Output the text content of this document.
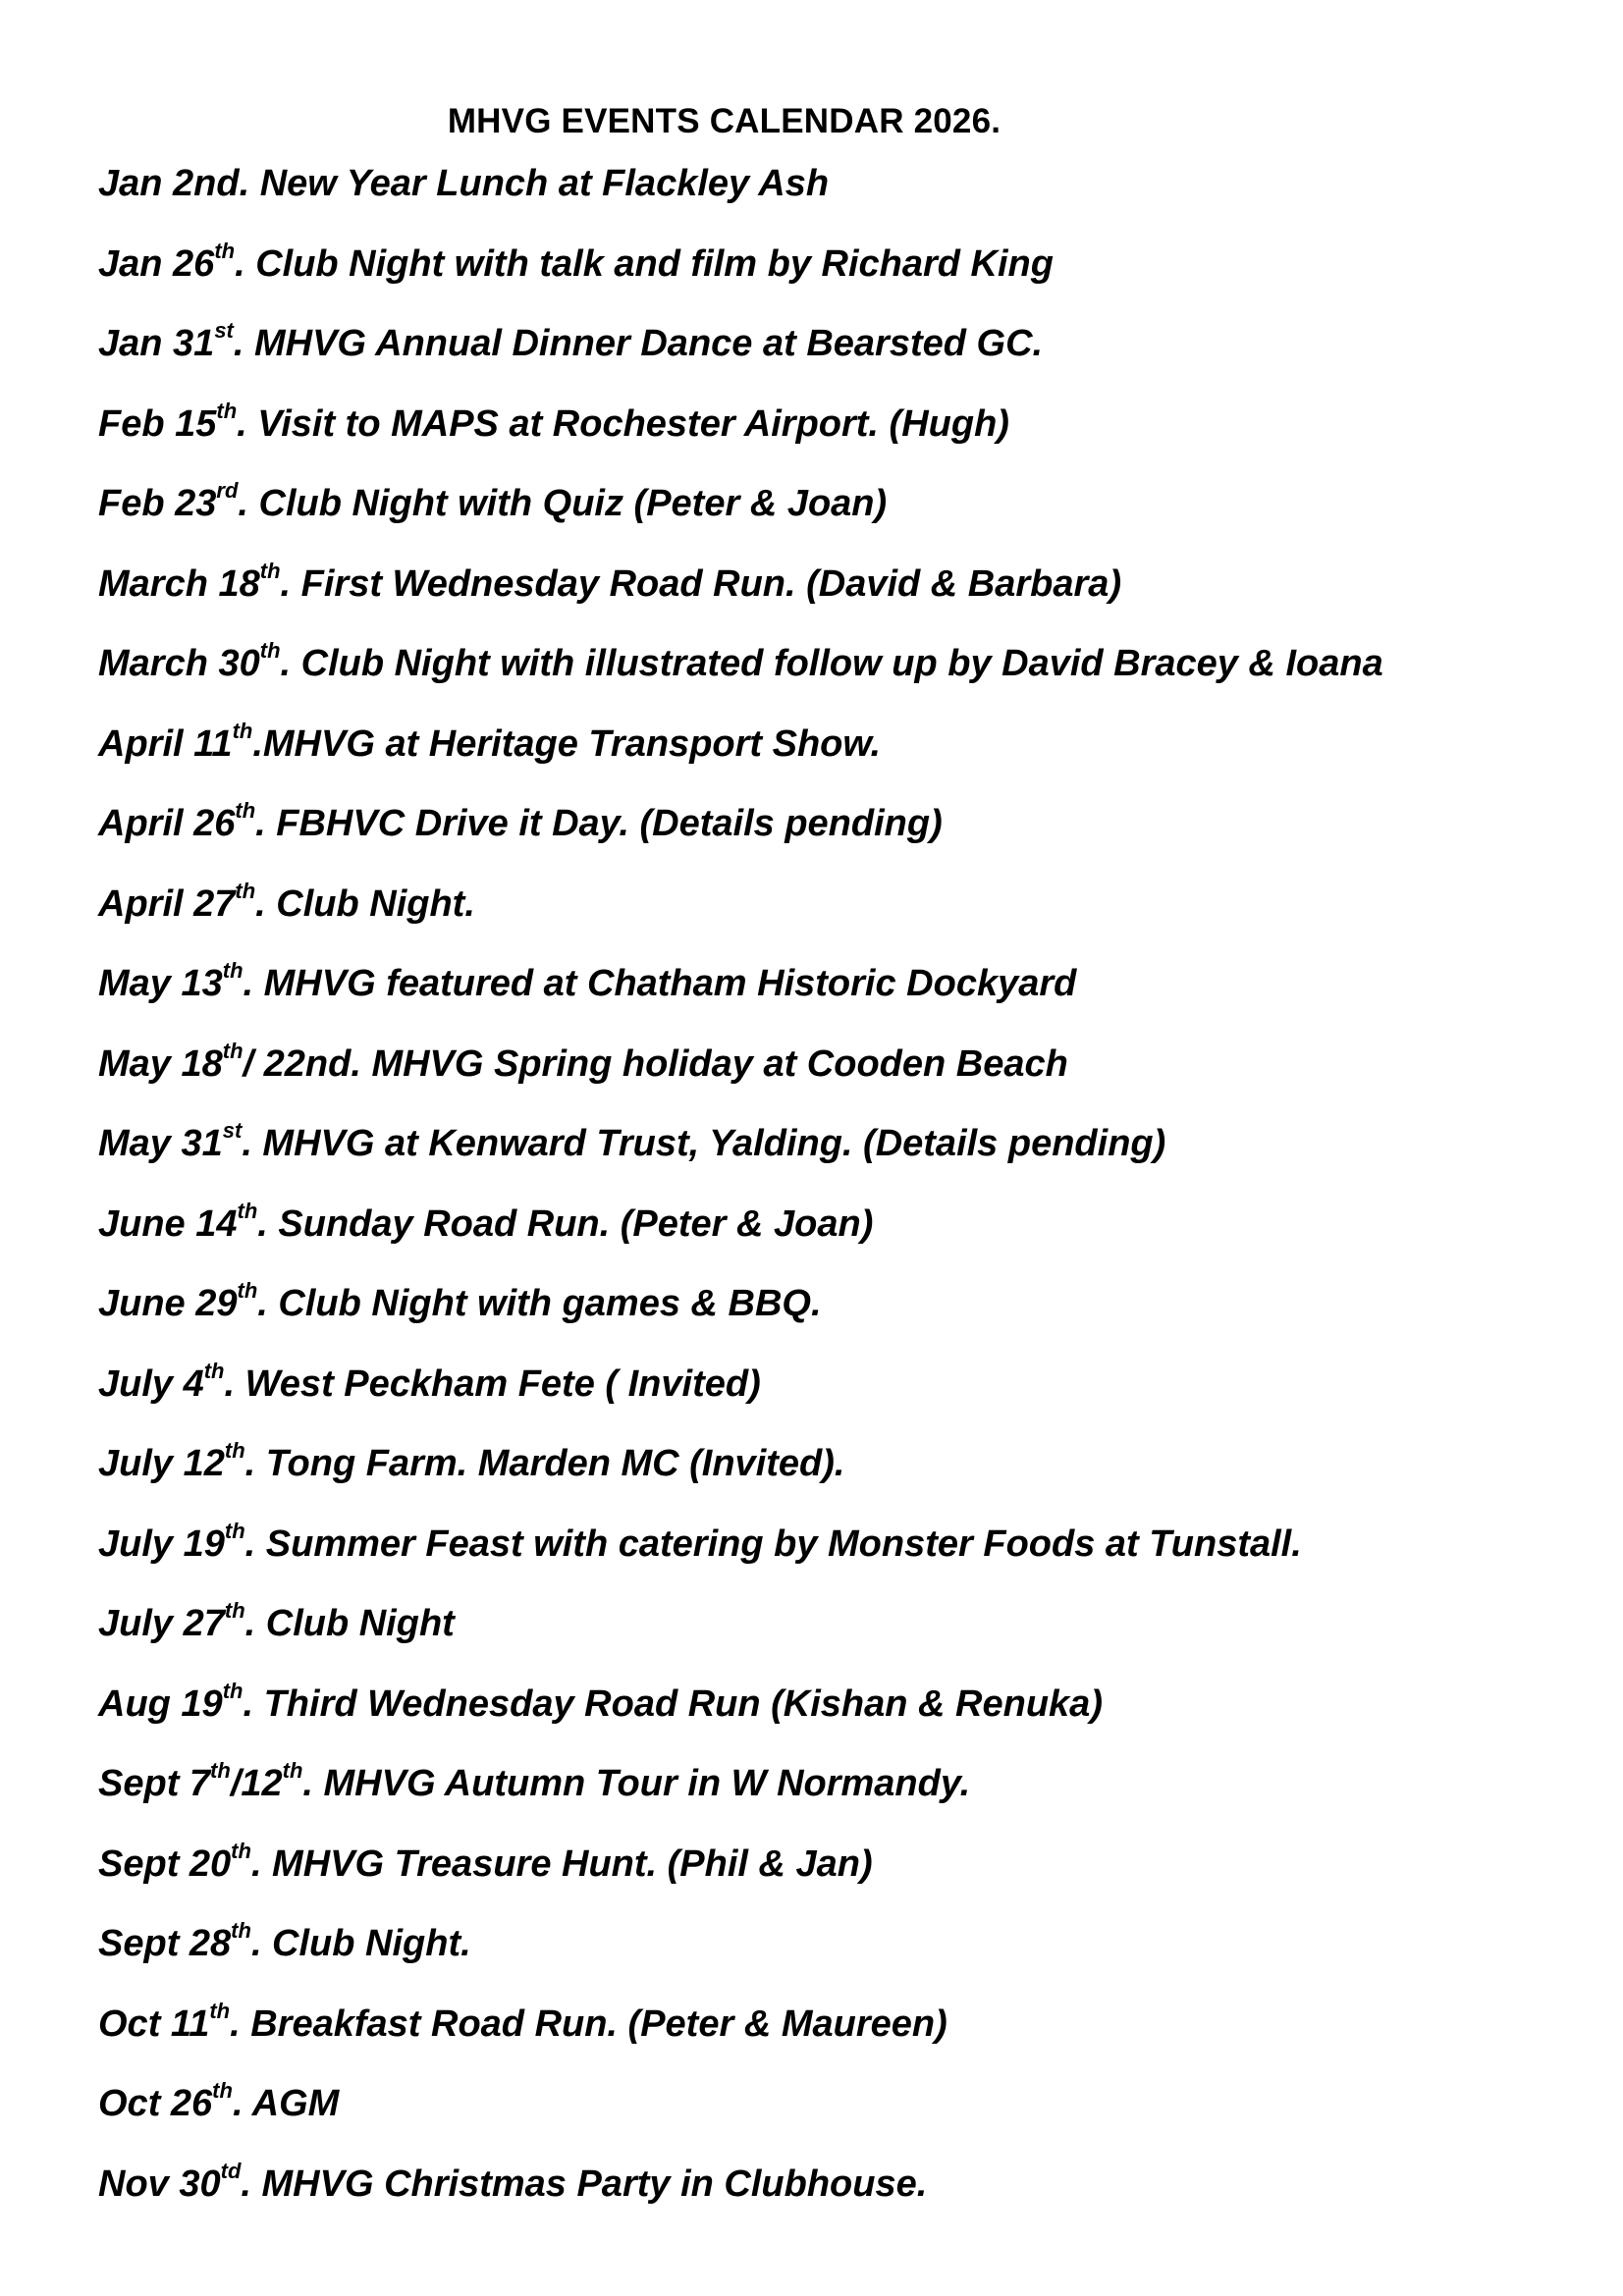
MHVG EVENTS CALENDAR 2026.
Jan 2nd. New Year Lunch at Flackley Ash
Jan 26th. Club Night with talk and film by Richard King
Jan 31st. MHVG Annual Dinner Dance at Bearsted GC.
Feb 15th. Visit to MAPS at Rochester Airport. (Hugh)
Feb 23rd. Club Night with Quiz (Peter & Joan)
March 18th. First Wednesday Road Run. (David & Barbara)
March 30th. Club Night with illustrated follow up by David Bracey & Ioana
April 11th.MHVG at Heritage Transport Show.
April 26th. FBHVC Drive it Day. (Details pending)
April 27th. Club Night.
May 13th. MHVG featured at Chatham Historic Dockyard
May 18th/ 22nd. MHVG Spring holiday at Cooden Beach
May 31st. MHVG at Kenward Trust, Yalding. (Details pending)
June 14th. Sunday Road Run. (Peter & Joan)
June 29th. Club Night with games & BBQ.
July 4th. West Peckham Fete ( Invited)
July 12th. Tong Farm. Marden MC (Invited).
July 19th. Summer Feast with catering by Monster Foods at Tunstall.
July 27th. Club Night
Aug 19th. Third Wednesday Road Run (Kishan & Renuka)
Sept 7th/12th. MHVG Autumn Tour in W Normandy.
Sept 20th. MHVG Treasure Hunt. (Phil & Jan)
Sept 28th. Club Night.
Oct 11th. Breakfast Road Run. (Peter & Maureen)
Oct 26th. AGM
Nov $30^{td}$. MHVG Christmas Party in Clubhouse.
